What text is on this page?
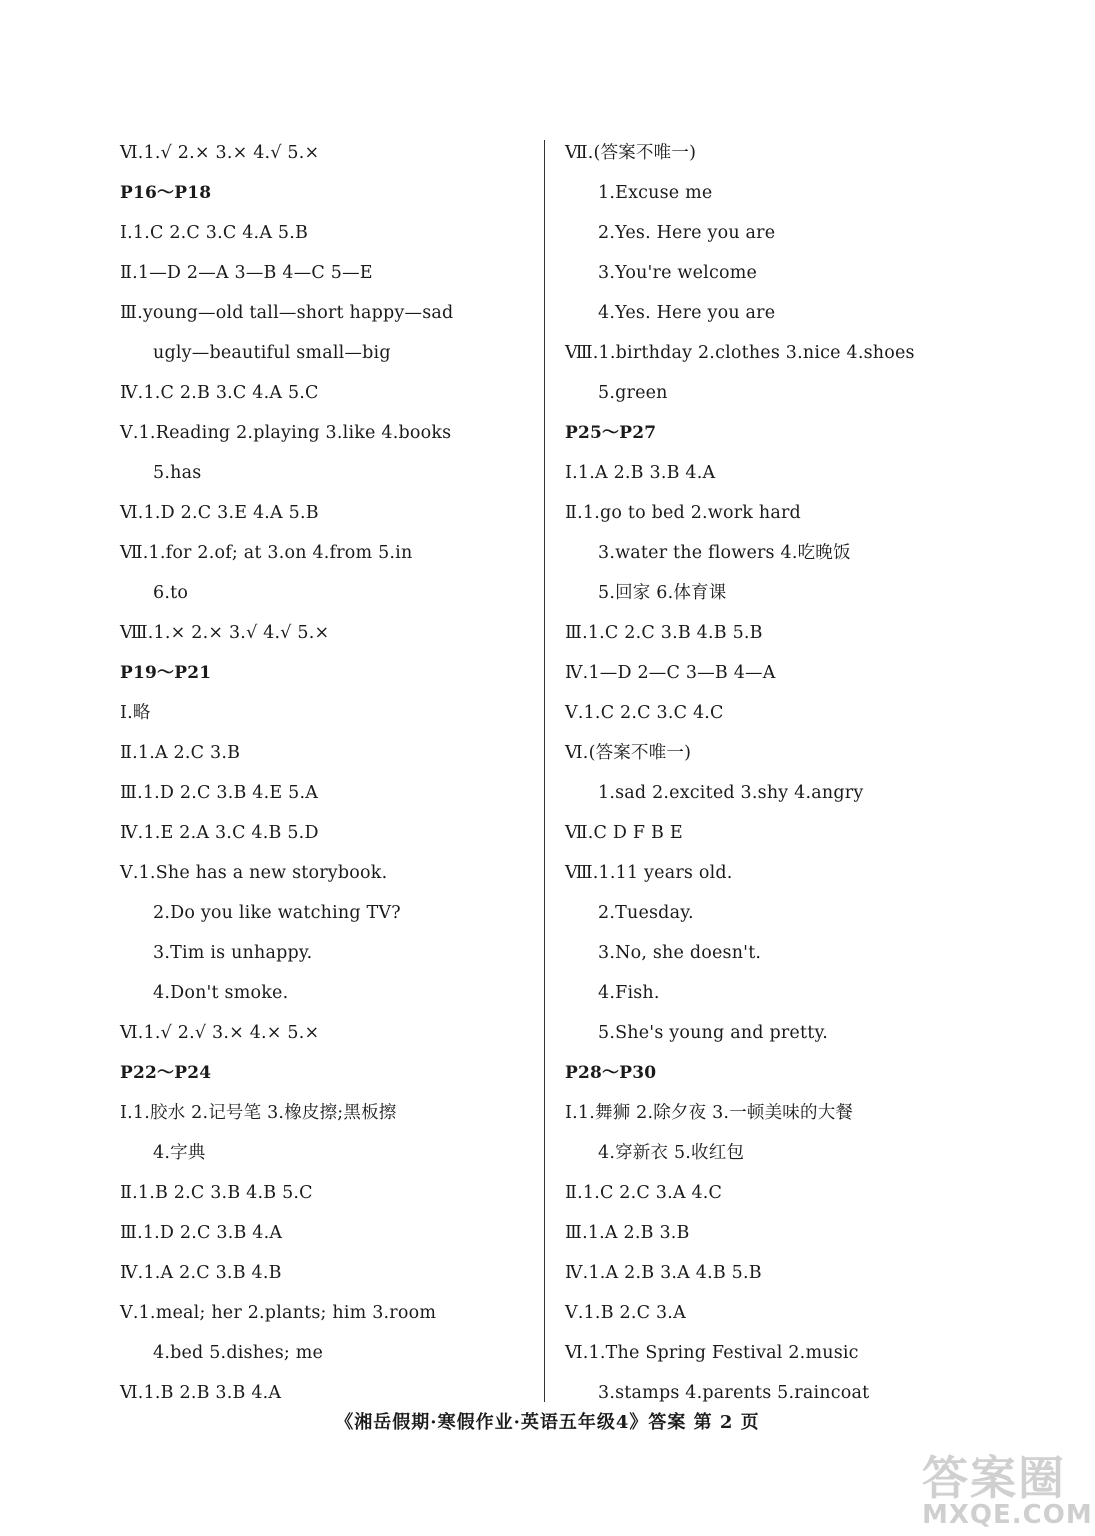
Ⅵ.1.√ 2.× 3.× 4.√ 5.×
P16～P18
Ⅰ.1.C 2.C 3.C 4.A 5.B
Ⅱ.1—D 2—A 3—B 4—C 5—E
Ⅲ.young—old tall—short happy—sad
ugly—beautiful small—big
Ⅳ.1.C 2.B 3.C 4.A 5.C
Ⅴ.1.Reading 2.playing 3.like 4.books
5.has
Ⅵ.1.D 2.C 3.E 4.A 5.B
Ⅶ.1.for 2.of; at 3.on 4.from 5.in
6.to
Ⅷ.1.× 2.× 3.√ 4.√ 5.×
P19～P21
Ⅰ.略
Ⅱ.1.A 2.C 3.B
Ⅲ.1.D 2.C 3.B 4.E 5.A
Ⅳ.1.E 2.A 3.C 4.B 5.D
Ⅴ.1.She has a new storybook.
2.Do you like watching TV?
3.Tim is unhappy.
4.Don't smoke.
Ⅵ.1.√ 2.√ 3.× 4.× 5.×
P22～P24
Ⅰ.1.胶水 2.记号笔 3.橡皮擦;黑板擦
4.字典
Ⅱ.1.B 2.C 3.B 4.B 5.C
Ⅲ.1.D 2.C 3.B 4.A
Ⅳ.1.A 2.C 3.B 4.B
Ⅴ.1.meal; her 2.plants; him 3.room
4.bed 5.dishes; me
Ⅵ.1.B 2.B 3.B 4.A
Ⅶ.(答案不唯一)
1.Excuse me
2.Yes. Here you are
3.You're welcome
4.Yes. Here you are
Ⅷ.1.birthday 2.clothes 3.nice 4.shoes
5.green
P25～P27
Ⅰ.1.A 2.B 3.B 4.A
Ⅱ.1.go to bed 2.work hard
3.water the flowers 4.吃晚饭
5.回家 6.体育课
Ⅲ.1.C 2.C 3.B 4.B 5.B
Ⅳ.1—D 2—C 3—B 4—A
Ⅴ.1.C 2.C 3.C 4.C
Ⅵ.(答案不唯一)
1.sad 2.excited 3.shy 4.angry
Ⅶ.C D F B E
Ⅷ.1.11 years old.
2.Tuesday.
3.No, she doesn't.
4.Fish.
5.She's young and pretty.
P28～P30
Ⅰ.1.舞狮 2.除夕夜 3.一顿美味的大餐
4.穿新衣 5.收红包
Ⅱ.1.C 2.C 3.A 4.C
Ⅲ.1.A 2.B 3.B
Ⅳ.1.A 2.B 3.A 4.B 5.B
Ⅴ.1.B 2.C 3.A
Ⅵ.1.The Spring Festival 2.music
3.stamps 4.parents 5.raincoat
《湘岳假期·寒假作业·英语五年级4》答案 第 2 页
答案圈
MXQE.COM
